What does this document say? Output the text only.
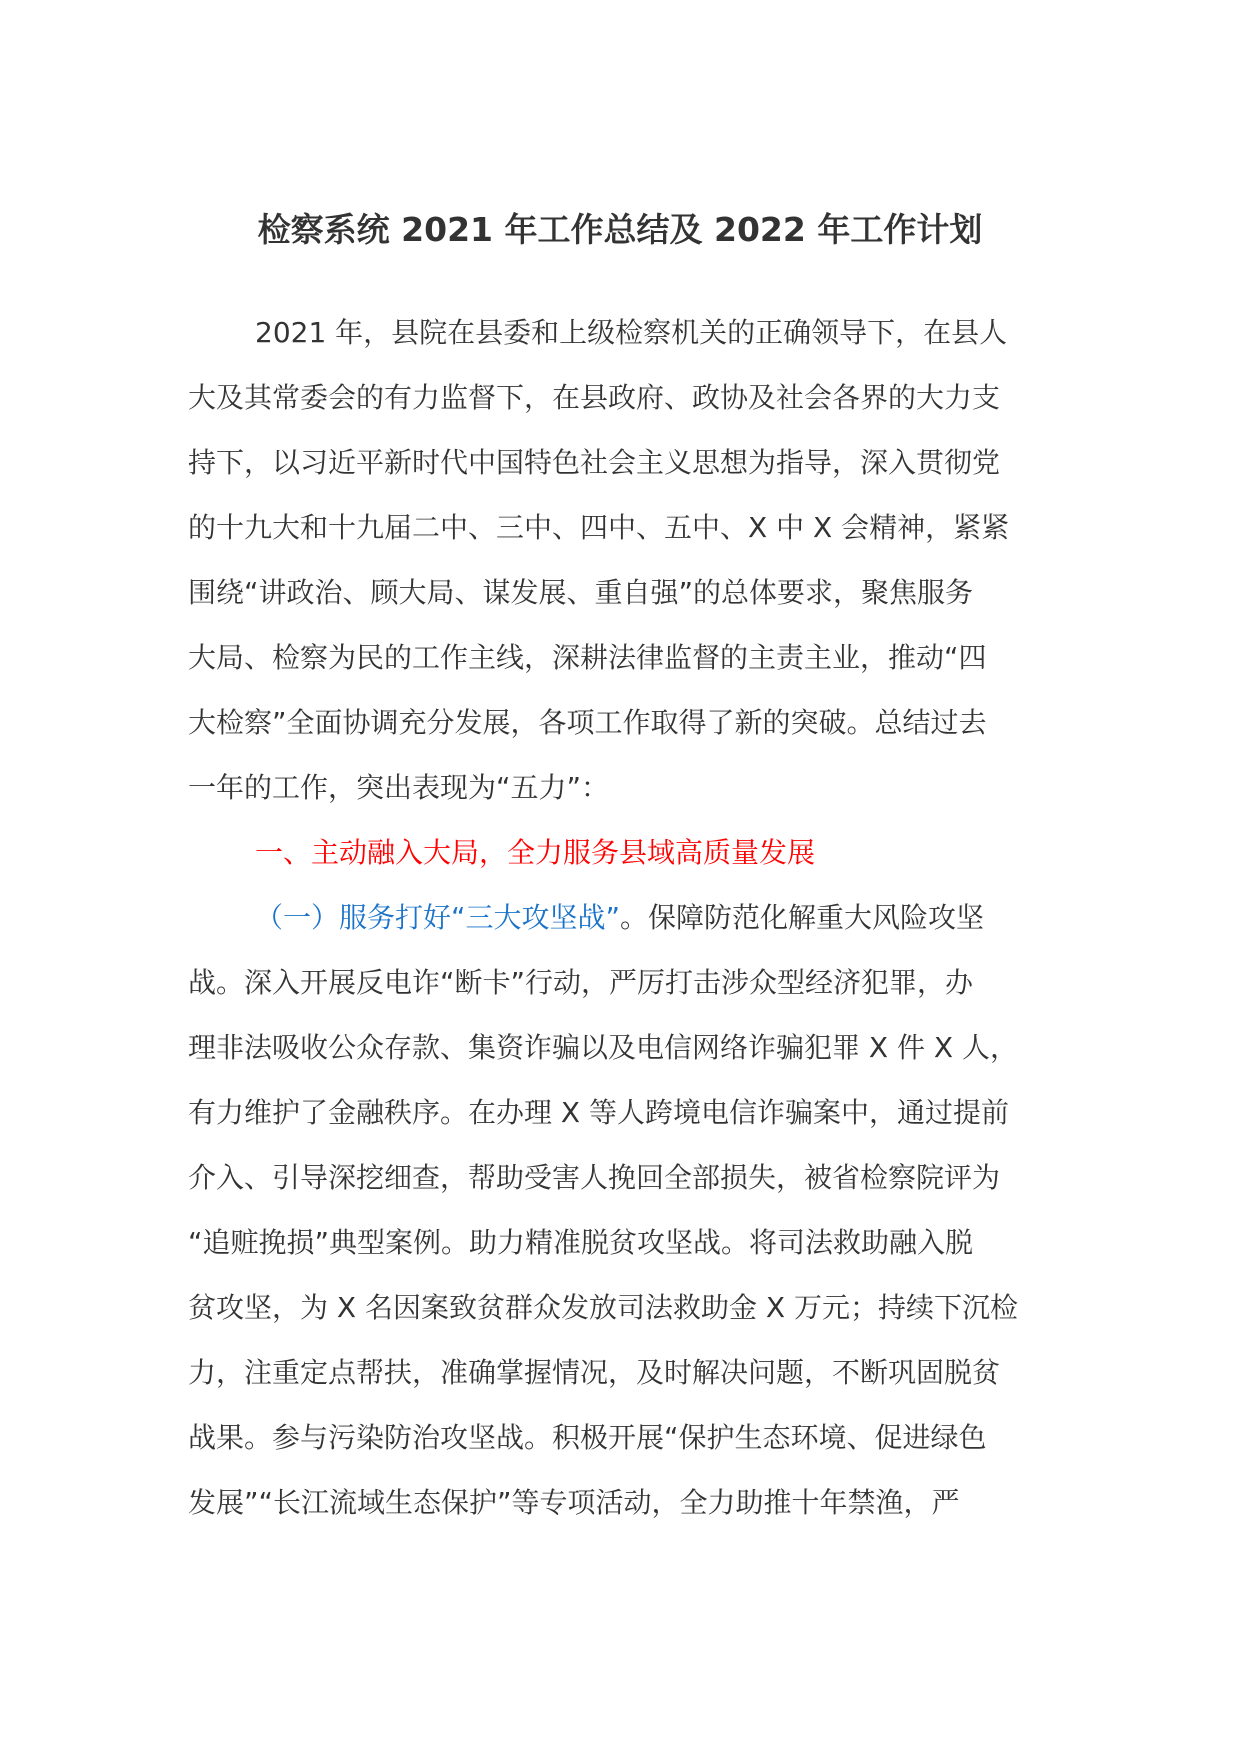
检察系统 2021 年工作总结及 2022 年工作计划
2021 年，县院在县委和上级检察机关的正确领导下，在县人
大及其常委会的有力监督下，在县政府、政协及社会各界的大力支
持下，以习近平新时代中国特色社会主义思想为指导，深入贯彻党
的十九大和十九届二中、三中、四中、五中、X 中 X 会精神，紧紧
围绕“讲政治、顾大局、谋发展、重自强”的总体要求，聚焦服务
大局、检察为民的工作主线，深耕法律监督的主责主业，推动“四
大检察”全面协调充分发展，各项工作取得了新的突破。总结过去
一年的工作，突出表现为“五力”：
一、主动融入大局，全力服务县域高质量发展
（一）服务打好“三大攻坚战”。保障防范化解重大风险攻坚
战。深入开展反电诈“断卡”行动，严厉打击涉众型经济犯罪，办
理非法吸收公众存款、集资诈骗以及电信网络诈骗犯罪 X 件 X 人，
有力维护了金融秩序。在办理 X 等人跨境电信诈骗案中，通过提前
介入、引导深挖细查，帮助受害人挽回全部损失，被省检察院评为
“追赃挽损”典型案例。助力精准脱贫攻坚战。将司法救助融入脱
贫攻坚，为 X 名因案致贫群众发放司法救助金 X 万元；持续下沉检
力，注重定点帮扶，准确掌握情况，及时解决问题，不断巩固脱贫
战果。参与污染防治攻坚战。积极开展“保护生态环境、促进绿色
发展”“长江流域生态保护”等专项活动，全力助推十年禁渔，严
